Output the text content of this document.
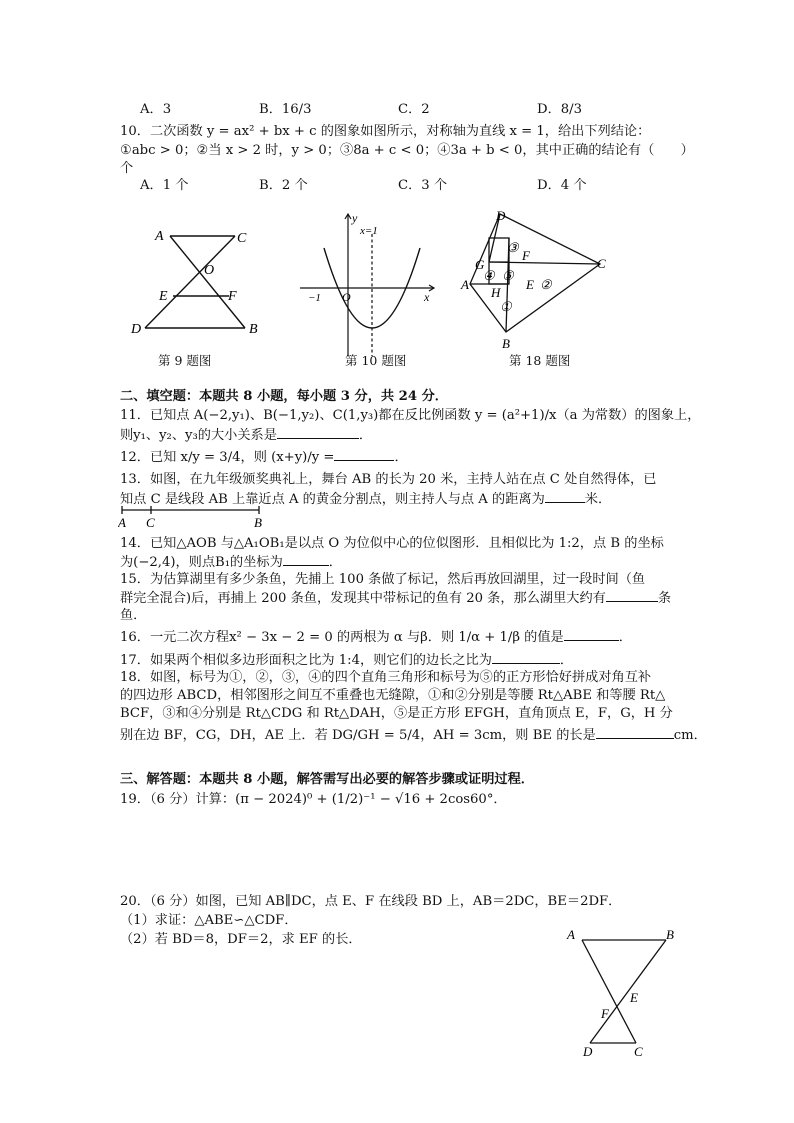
A．3	B．16/3	C．2	D．8/3
10．二次函数 y = ax² + bx + c 的图象如图所示，对称轴为直线 x = 1，给出下列结论：
①abc > 0；②当 x > 2 时，y > 0；③8a + c < 0；④3a + b < 0，其中正确的结论有（　　）
个
A．1 个	B．2 个	C．3 个	D．4 个
A	C
O
E	F
D	B
第 9 题图
y
x=1
−1 O	x
第 10 题图
D
③
F
G	C
④ ⑤
A	E ②
H
①
B
第 18 题图
二、填空题：本题共 8 小题，每小题 3 分，共 24 分．
11．已知点 A(−2,y₁)、B(−1,y₂)、C(1,y₃)都在反比例函数 y = (a²+1)/x（a 为常数）的图象上，
则y₁、y₂、y₃的大小关系是	．
12．已知 x/y = 3/4，则 (x+y)/y =	．
13．如图，在九年级颁奖典礼上，舞台 AB 的长为 20 米，主持人站在点 C 处自然得体，已
知点 C 是线段 AB 上靠近点 A 的黄金分割点，则主持人与点 A 的距离为	米．
A C	B
14．已知△AOB 与△A₁OB₁是以点 O 为位似中心的位似图形．且相似比为 1:2，点 B 的坐标
为(−2,4)，则点B₁的坐标为	．
15．为估算湖里有多少条鱼，先捕上 100 条做了标记，然后再放回湖里，过一段时间（鱼
群完全混合)后，再捕上 200 条鱼，发现其中带标记的鱼有 20 条，那么湖里大约有	条
鱼．
16．一元二次方程x² − 3x − 2 = 0 的两根为 α 与β．则 1/α + 1/β 的值是	．
17．如果两个相似多边形面积之比为 1:4，则它们的边长之比为	．
18．如图，标号为①，②，③，④的四个直角三角形和标号为⑤的正方形恰好拼成对角互补
的四边形 ABCD，相邻图形之间互不重叠也无缝隙，①和②分别是等腰 Rt△ABE 和等腰 Rt△
BCF，③和④分别是 Rt△CDG 和 Rt△DAH，⑤是正方形 EFGH，直角顶点 E，F，G，H 分
别在边 BF，CG，DH，AE 上．若 DG/GH = 5/4，AH = 3cm，则 BE 的长是	cm．
三、解答题：本题共 8 小题，解答需写出必要的解答步骤或证明过程．
19．（6 分）计算：(π − 2024)⁰ + (1/2)⁻¹ − √16 + 2cos60°．
20．（6 分）如图，已知 AB∥DC，点 E、F 在线段 BD 上，AB＝2DC，BE＝2DF．
（1）求证：△ABE∽△CDF．
（2）若 BD＝8，DF＝2，求 EF 的长．	A	B
E
F
D	C
